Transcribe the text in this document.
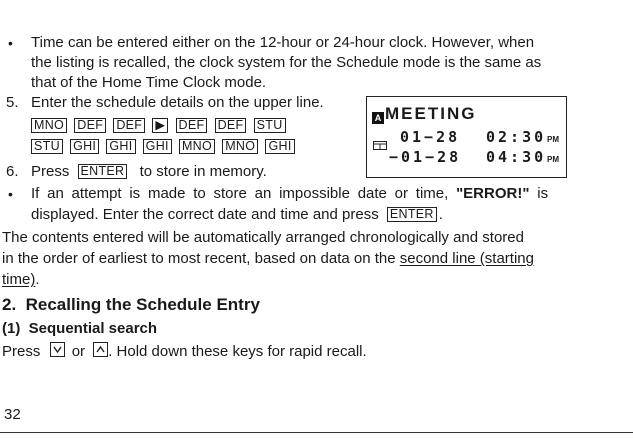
• Time can be entered either on the 12-hour or 24-hour clock. However, when
the listing is recalled, the clock system for the Schedule mode is the same as
that of the Home Time Clock mode.
5. Enter the schedule details on the upper line.
MNO DEF DEF ▶ DEF DEF STU
STU GHI GHI GHI MNO MNO GHI
A MEETING
01−28 02:30 PM
−01−28 04:30 PM
6. Press ENTER to store in memory.
• If an attempt is made to store an impossible date or time, "ERROR!" is
displayed. Enter the correct date and time and press ENTER .
The contents entered will be automatically arranged chronologically and stored
in the order of earliest to most recent, based on data on the second line (starting
time).
2.  Recalling the Schedule Entry
(1)  Sequential search
Press or . Hold down these keys for rapid recall.
32
